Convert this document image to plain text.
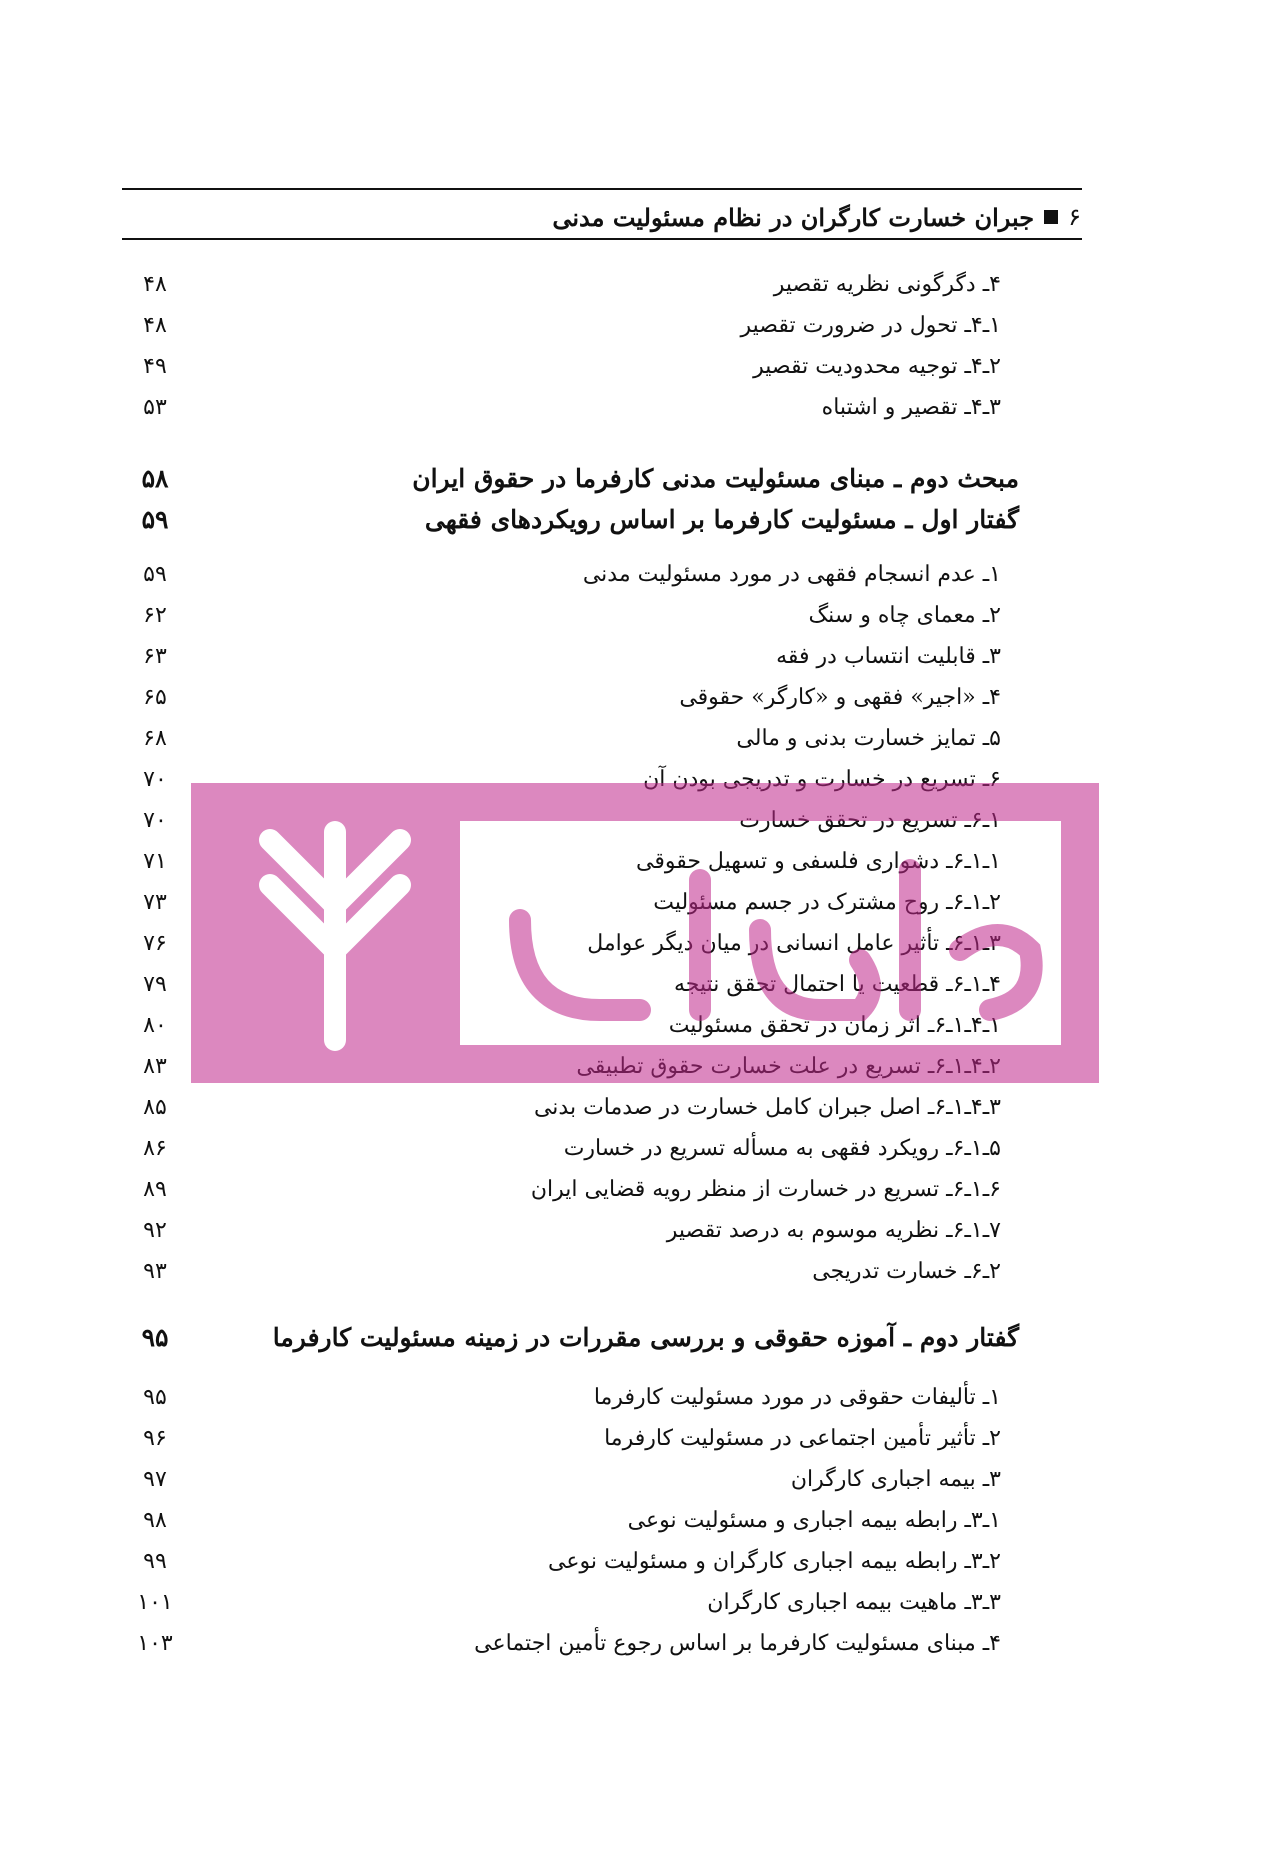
۶
جبران خسارت کارگران در نظام مسئولیت مدنی
۴ـ دگرگونی نظریه تقصیر
۴۸
۱ـ۴ـ تحول در ضرورت تقصیر
۴۸
۲ـ۴ـ توجیه محدودیت تقصیر
۴۹
۳ـ۴ـ تقصیر و اشتباه
۵۳
مبحث دوم ـ مبنای مسئولیت مدنی کارفرما در حقوق ایران
۵۸
گفتار اول ـ مسئولیت کارفرما بر اساس رویکردهای فقهی
۵۹
۱ـ عدم انسجام فقهی در مورد مسئولیت مدنی
۵۹
۲ـ معمای چاه و سنگ
۶۲
۳ـ قابلیت انتساب در فقه
۶۳
۴ـ «اجیر» فقهی و «کارگر» حقوقی
۶۵
۵ـ تمایز خسارت بدنی و مالی
۶۸
۶ـ تسریع در خسارت و تدریجی بودن آن
۷۰
۱ـ۶ـ تسریع در تحقق خسارت
۷۰
۱ـ۱ـ۶ـ دشواری فلسفی و تسهیل حقوقی
۷۱
۲ـ۱ـ۶ـ روح مشترک در جسم مسئولیت
۷۳
۳ـ۱ـ۶ـ تأثیر عامل انسانی در میان دیگر عوامل
۷۶
۴ـ۱ـ۶ـ قطعیت یا احتمال تحقق نتیجه
۷۹
۱ـ۴ـ۱ـ۶ـ اثر زمان در تحقق مسئولیت
۸۰
۲ـ۴ـ۱ـ۶ـ تسریع در علت خسارت حقوق تطبیقی
۸۳
۳ـ۴ـ۱ـ۶ـ اصل جبران کامل خسارت در صدمات بدنی
۸۵
۵ـ۱ـ۶ـ رویکرد فقهی به مسأله تسریع در خسارت
۸۶
۶ـ۱ـ۶ـ تسریع در خسارت از منظر رویه قضایی ایران
۸۹
۷ـ۱ـ۶ـ نظریه موسوم به درصد تقصیر
۹۲
۲ـ۶ـ خسارت تدریجی
۹۳
گفتار دوم ـ آموزه حقوقی و بررسی مقررات در زمینه مسئولیت کارفرما
۹۵
۱ـ تألیفات حقوقی در مورد مسئولیت کارفرما
۹۵
۲ـ تأثیر تأمین اجتماعی در مسئولیت کارفرما
۹۶
۳ـ بیمه اجباری کارگران
۹۷
۱ـ۳ـ رابطه بیمه اجباری و مسئولیت نوعی
۹۸
۲ـ۳ـ رابطه بیمه اجباری کارگران و مسئولیت نوعی
۹۹
۳ـ۳ـ ماهیت بیمه اجباری کارگران
۱۰۱
۴ـ مبنای مسئولیت کارفرما بر اساس رجوع تأمین اجتماعی
۱۰۳
